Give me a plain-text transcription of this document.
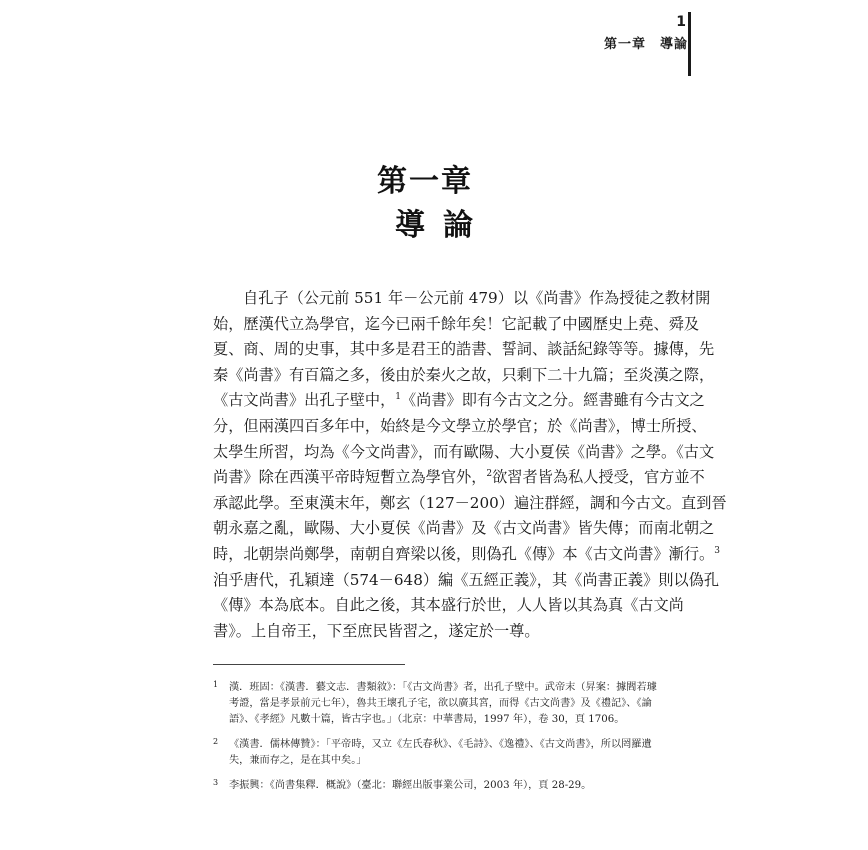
1
第一章　導論
第一章
導論
自孔子（公元前 551 年－公元前 479）以《尚書》作為授徒之教材開
始，歷漢代立為學官，迄今已兩千餘年矣！它記載了中國歷史上堯、舜及
夏、商、周的史事，其中多是君王的誥書、誓詞、談話紀錄等等。據傳，先
秦《尚書》有百篇之多，後由於秦火之故，只剩下二十九篇；至炎漢之際，
《古文尚書》出孔子壁中，$^1$《尚書》即有今古文之分。經書雖有今古文之
分，但兩漢四百多年中，始終是今文學立於學官；於《尚書》，博士所授、
太學生所習，均為《今文尚書》，而有歐陽、大小夏侯《尚書》之學。《古文
尚書》除在西漢平帝時短暫立為學官外，$^2$欲習者皆為私人授受，官方並不
承認此學。至東漢末年，鄭玄（127－200）遍注群經，調和今古文。直到晉
朝永嘉之亂，歐陽、大小夏侯《尚書》及《古文尚書》皆失傳；而南北朝之
時，北朝崇尚鄭學，南朝自齊梁以後，則偽孔《傳》本《古文尚書》漸行。$^3$
洎乎唐代，孔穎達（574－648）編《五經正義》，其《尚書正義》則以偽孔
《傳》本為底本。自此之後，其本盛行於世，人人皆以其為真《古文尚
書》。上自帝王，下至庶民皆習之，遂定於一尊。
1 漢．班固：《漢書．藝文志．書類敘》：「《古文尚書》者，出孔子壁中。武帝末（昇案：據閻若璩
考證，當是孝景前元七年），魯共王壞孔子宅，欲以廣其宮，而得《古文尚書》及《禮記》、《論
語》、《孝經》凡數十篇，皆古字也。」（北京：中華書局，1997 年），卷 30，頁 1706。
2 《漢書．儒林傳贊》：「平帝時，又立《左氏春秋》、《毛詩》、《逸禮》、《古文尚書》，所以罔羅遺
失，兼而存之，是在其中矣。」
3 李振興：《尚書集釋．概說》（臺北：聯經出版事業公司，2003 年），頁 28-29。
